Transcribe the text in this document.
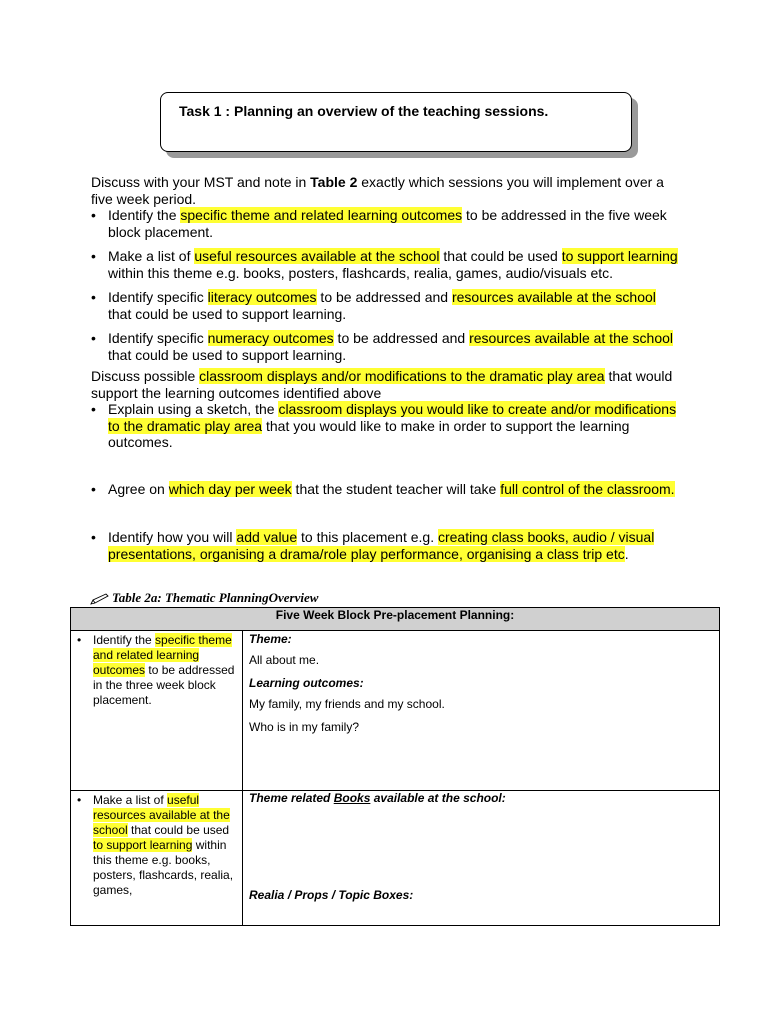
Task 1 : Planning an overview of the teaching sessions.

Discuss with your MST and note in Table 2 exactly which sessions you will implement over a five week period.

• Identify the specific theme and related learning outcomes to be addressed in the five week block placement.
• Make a list of useful resources available at the school that could be used to support learning within this theme e.g. books, posters, flashcards, realia, games, audio/visuals etc.
• Identify specific literacy outcomes to be addressed and resources available at the school that could be used to support learning.
• Identify specific numeracy outcomes to be addressed and resources available at the school that could be used to support learning.

Discuss possible classroom displays and/or modifications to the dramatic play area that would support the learning outcomes identified above

• Explain using a sketch, the classroom displays you would like to create and/or modifications to the dramatic play area that you would like to make in order to support the learning outcomes.
• Agree on which day per week that the student teacher will take full control of the classroom.
• Identify how you will add value to this placement e.g. creating class books, audio / visual presentations, organising a drama/role play performance, organising a class trip etc.
Table 2a: Thematic PlanningOverview
Five Week Block Pre-placement Planning:	

• Identify the specific theme and related learning outcomes to be addressed in the three week block placement.	Theme:

All about me.

Learning outcomes:

My family, my friends and my school.

Who is in my family?

• Make a list of useful resources available at the school that could be used to support learning within this theme e.g. books, posters, flashcards, realia, games,	Theme related Books available at the school:
Realia / Props / Topic Boxes:
